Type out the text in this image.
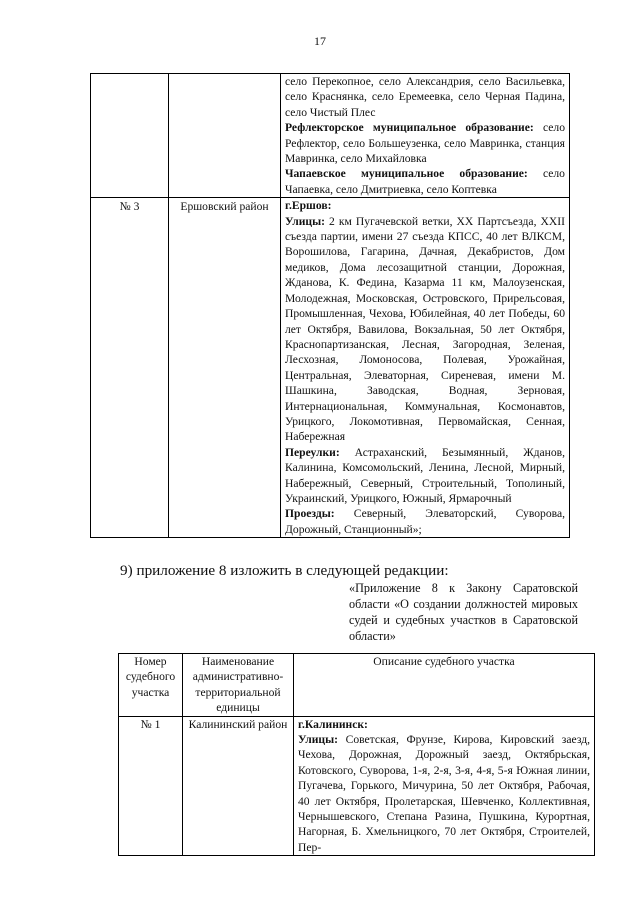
17

		село Перекопное, село Александрия, село Васильевка, село Краснянка, село Еремеевка, село Черная Падина, село Чистый Плес
Рефлекторское муниципальное образование: село Рефлектор, село Большеузенка, село Мавринка, станция Мавринка, село Михайловка
Чапаевское муниципальное образование: село Чапаевка, село Дмитриевка, село Коптевка

№ 3	Ершовский район	г.Ершов:
Улицы: 2 км Пугачевской ветки, XX Партсъезда, XXII съезда партии, имени 27 съезда КПСС, 40 лет ВЛКСМ, Ворошилова, Гагарина, Дачная, Декабристов, Дом медиков, Дома лесозащитной станции, Дорожная, Жданова, К. Федина, Казарма 11 км, Малоузенская, Молодежная, Московская, Островского, Прирельсовая, Промышленная, Чехова, Юбилейная, 40 лет Победы, 60 лет Октября, Вавилова, Вокзальная, 50 лет Октября, Краснопартизанская, Лесная, Загородная, Зеленая, Лесхозная, Ломоносова, Полевая, Урожайная, Центральная, Элеваторная, Сиреневая, имени М. Шашкина, Заводская, Водная, Зерновая, Интернациональная, Коммунальная, Космонавтов, Урицкого, Локомотивная, Первомайская, Сенная, Набережная
Переулки: Астраханский, Безымянный, Жданов, Калинина, Комсомольский, Ленина, Лесной, Мирный, Набережный, Северный, Строительный, Тополиный, Украинский, Урицкого, Южный, Ярмарочный
Проезды: Северный, Элеваторский, Суворова, Дорожный, Станционный»;
9) приложение 8 изложить в следующей редакции:
«Приложение 8 к Закону Саратовской области «О создании должностей мировых судей и судебных участков в Саратовской области»
Номер судебного участка	Наименование административно-территориальной единицы	Описание судебного участка
№ 1	Калининский район	г.Калининск:
Улицы: Советская, Фрунзе, Кирова, Кировский заезд, Чехова, Дорожная, Дорожный заезд, Октябрьская, Котовского, Суворова, 1-я, 2-я, 3-я, 4-я, 5-я Южная линии, Пугачева, Горького, Мичурина, 50 лет Октября, Рабочая, 40 лет Октября, Пролетарская, Шевченко, Коллективная, Чернышевского, Степана Разина, Пушкина, Курортная, Нагорная, Б. Хмельницкого, 70 лет Октября, Строителей, Пер-
